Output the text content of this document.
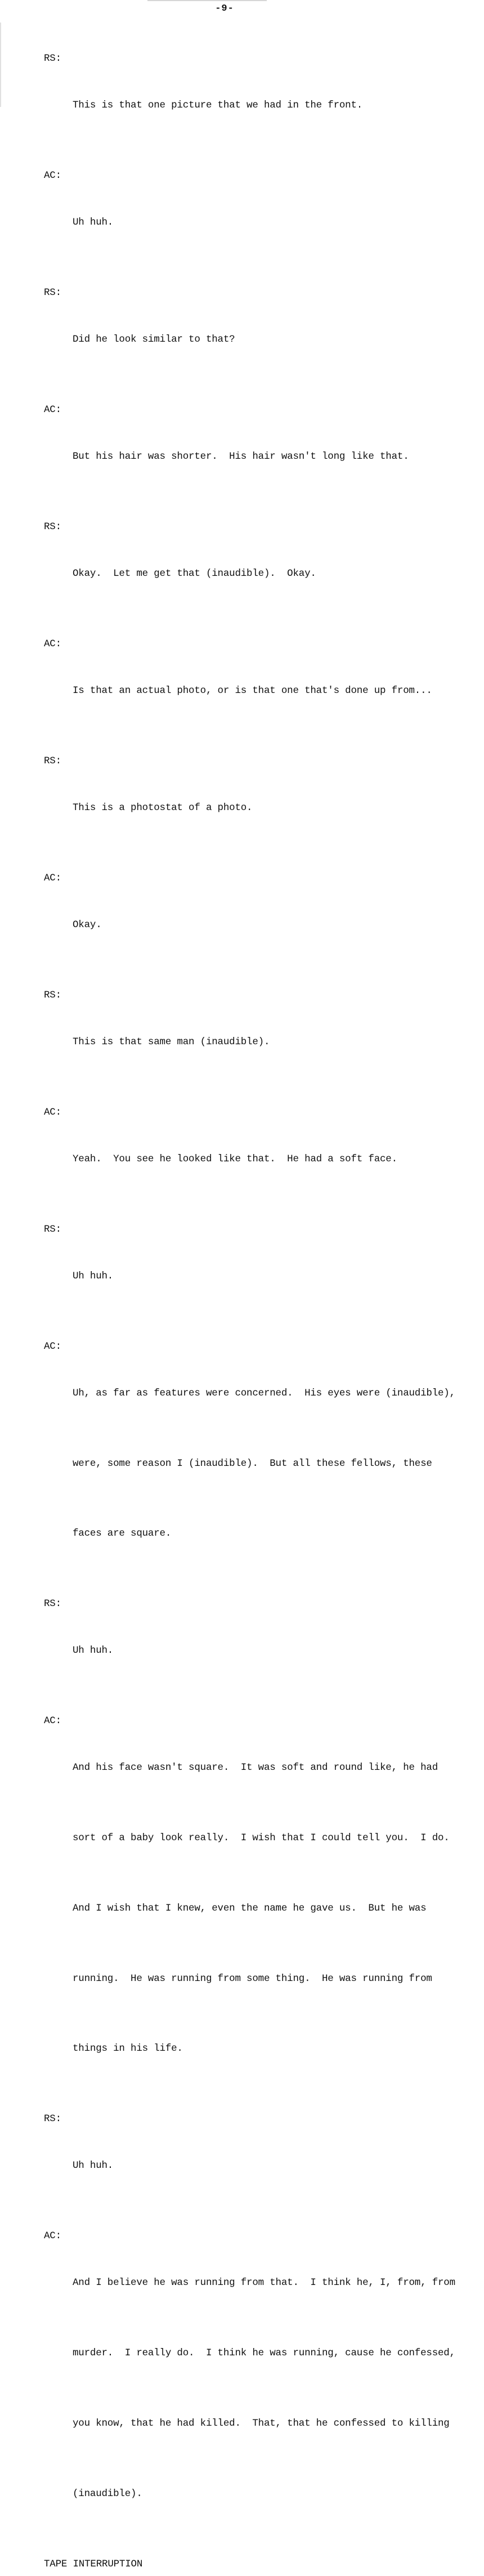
-9-
RS:

This is that one picture that we had in the front.

AC:

Uh huh.

RS:

Did he look similar to that?

AC:

But his hair was shorter.  His hair wasn't long like that.

RS:

Okay.  Let me get that (inaudible).  Okay.

AC:

Is that an actual photo, or is that one that's done up from...

RS:

This is a photostat of a photo.

AC:

Okay.

RS:

This is that same man (inaudible).

AC:

Yeah.  You see he looked like that.  He had a soft face.

RS:

Uh huh.

AC:

Uh, as far as features were concerned.  His eyes were (inaudible),

were, some reason I (inaudible).  But all these fellows, these

faces are square.

RS:

Uh huh.

AC:

And his face wasn't square.  It was soft and round like, he had

sort of a baby look really.  I wish that I could tell you.  I do.

And I wish that I knew, even the name he gave us.  But he was

running.  He was running from some thing.  He was running from

things in his life.

RS:

Uh huh.

AC:

And I believe he was running from that.  I think he, I, from, from

murder.  I really do.  I think he was running, cause he confessed,

you know, that he had killed.  That, that he confessed to killing

(inaudible).

TAPE INTERRUPTION
